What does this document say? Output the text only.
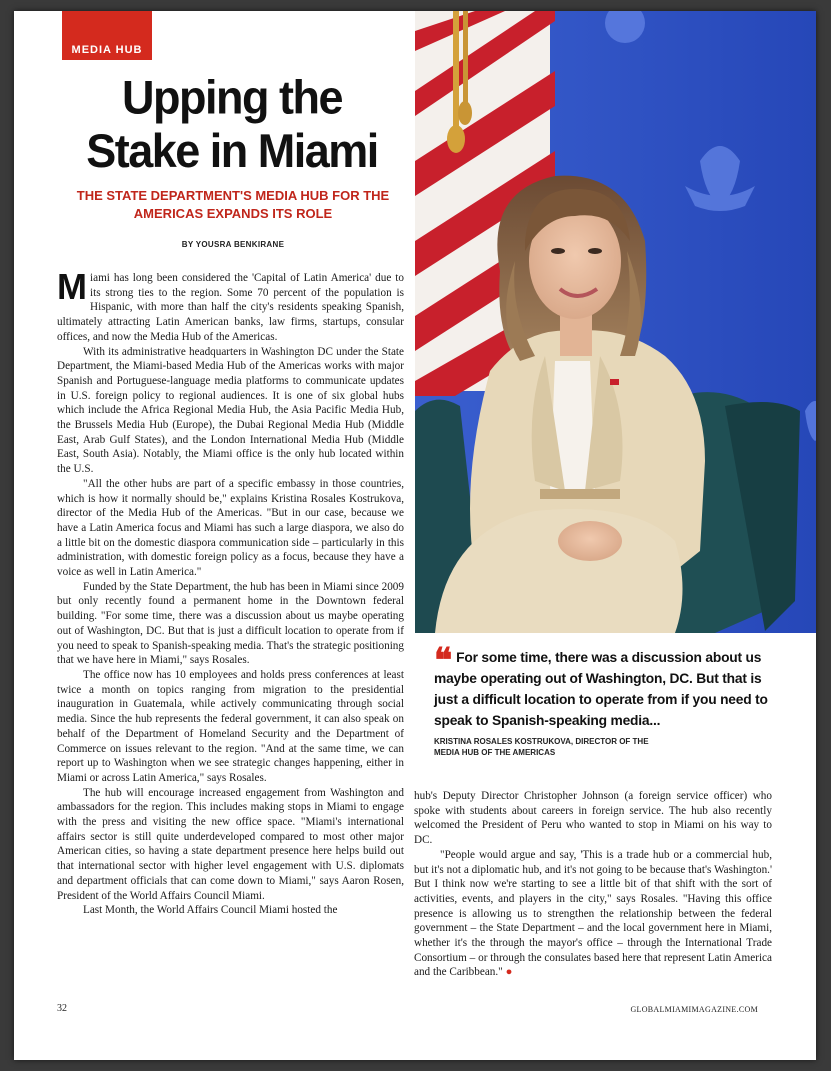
MEDIA HUB
Upping the
Stake in Miami
THE STATE DEPARTMENT'S MEDIA HUB FOR THE AMERICAS EXPANDS ITS ROLE
BY YOUSRA BENKIRANE

Miami has long been considered the 'Capital of Latin America' due to its strong ties to the region. Some 70 percent of the population is Hispanic, with more than half the city's residents speaking Spanish, ultimately attracting Latin American banks, law firms, startups, consular offices, and now the Media Hub of the Americas.

With its administrative headquarters in Washington DC under the State Department, the Miami-based Media Hub of the Americas works with major Spanish and Portuguese-language media platforms to communicate updates in U.S. foreign policy to regional audiences. It is one of six global hubs which include the Africa Regional Media Hub, the Asia Pacific Media Hub, the Brussels Media Hub (Europe), the Dubai Regional Media Hub (Middle East, Arab Gulf States), and the London International Media Hub (Middle East, South Asia). Notably, the Miami office is the only hub located within the U.S.

"All the other hubs are part of a specific embassy in those countries, which is how it normally should be," explains Kristina Rosales Kostrukova, director of the Media Hub of the Americas. "But in our case, because we have a Latin America focus and Miami has such a large diaspora, we also do a little bit on the domestic diaspora communication side – particularly in this administration, with domestic foreign policy as a focus, because they have a voice as well in Latin America."

Funded by the State Department, the hub has been in Miami since 2009 but only recently found a permanent home in the Downtown federal building. "For some time, there was a discussion about us maybe operating out of Washington, DC. But that is just a difficult location to operate from if you need to speak to Spanish-speaking media. That's the strategic positioning that we have here in Miami," says Rosales.

The office now has 10 employees and holds press conferences at least twice a month on topics ranging from migration to the presidential inauguration in Guatemala, while actively communicating through social media. Since the hub represents the federal government, it can also speak on behalf of the Department of Homeland Security and the Department of Commerce on issues relevant to the region. "And at the same time, we can report up to Washington when we see strategic changes happening, either in Miami or across Latin America," says Rosales.

The hub will encourage increased engagement from Washington and ambassadors for the region. This includes making stops in Miami to engage with the press and visiting the new office space. "Miami's international affairs sector is still quite underdeveloped compared to most other major American cities, so having a state department presence here helps build out that international sector with higher level engagement with U.S. diplomats and department officials that can come down to Miami," says Aaron Rosen, President of the World Affairs Council Miami.

Last Month, the World Affairs Council Miami hosted the

❝ For some time, there was a discussion about us maybe operating out of Washington, DC. But that is just a difficult location to operate from if you need to speak to Spanish-speaking media...

KRISTINA ROSALES KOSTRUKOVA, DIRECTOR OF THE MEDIA HUB OF THE AMERICAS

hub's Deputy Director Christopher Johnson (a foreign service officer) who spoke with students about careers in foreign service. The hub also recently welcomed the President of Peru who wanted to stop in Miami on his way to DC.

"People would argue and say, 'This is a trade hub or a commercial hub, but it's not a diplomatic hub, and it's not going to be because that's Washington.' But I think now we're starting to see a little bit of that shift with the sort of activities, events, and players in the city," says Rosales. "Having this office presence is allowing us to strengthen the relationship between the federal government – the State Department – and the local government here in Miami, whether it's the through the mayor's office – through the International Trade Consortium – or through the consulates based here that represent Latin America and the Caribbean." ●

32	GLOBALMIAMIMAGAZINE.COM
